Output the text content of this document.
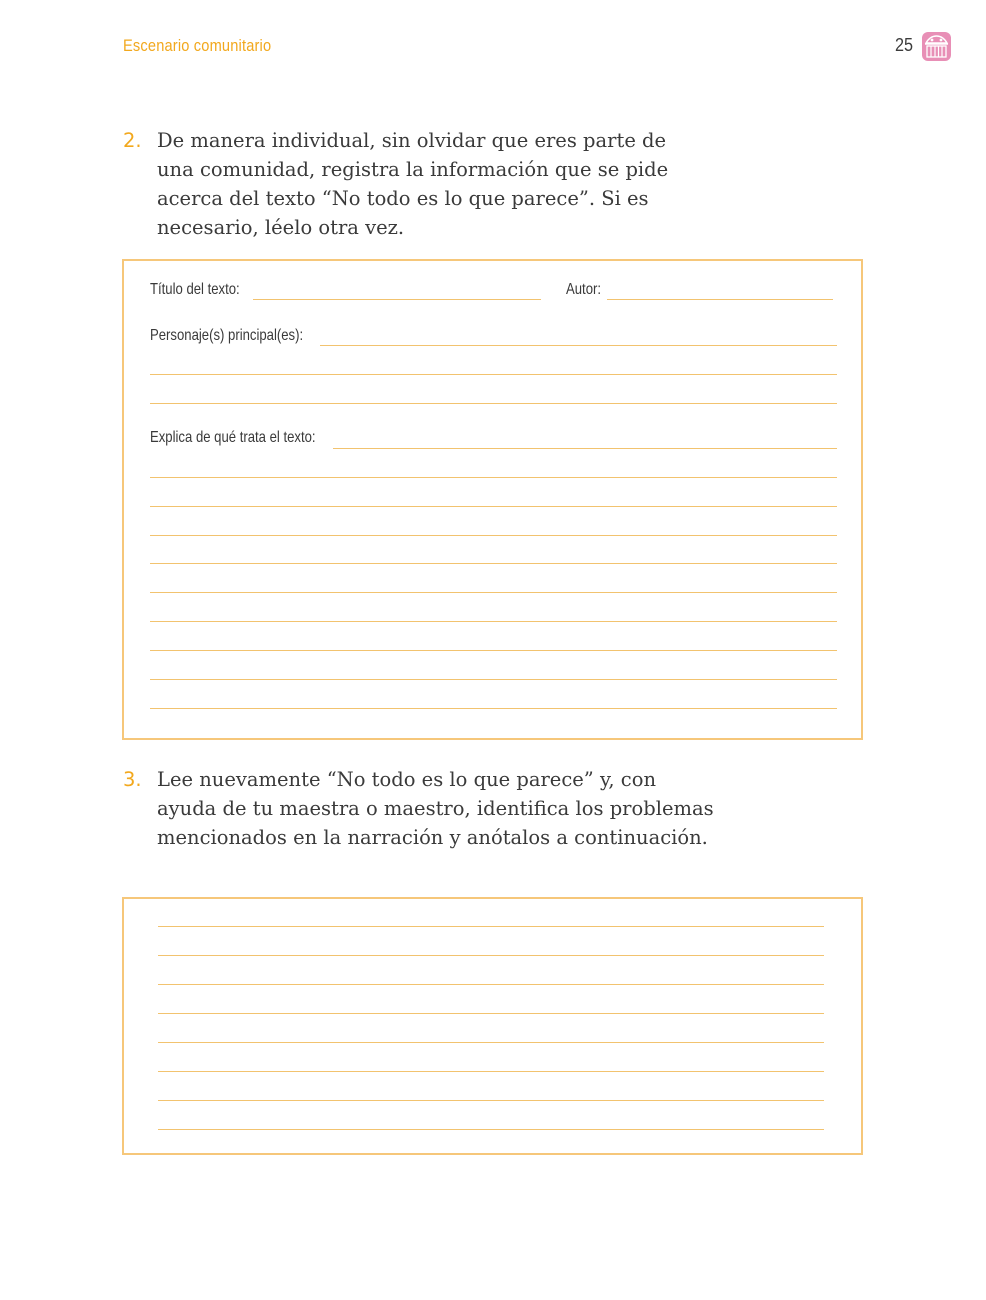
Escenario comunitario	25
2. De manera individual, sin olvidar que eres parte de
una comunidad, registra la información que se pide
acerca del texto “No todo es lo que parece”. Si es
necesario, léelo otra vez.
Título del texto:	Autor:
Personaje(s) principal(es):
Explica de qué trata el texto:
3. Lee nuevamente “No todo es lo que parece” y, con
ayuda de tu maestra o maestro, identifica los problemas
mencionados en la narración y anótalos a continuación.
